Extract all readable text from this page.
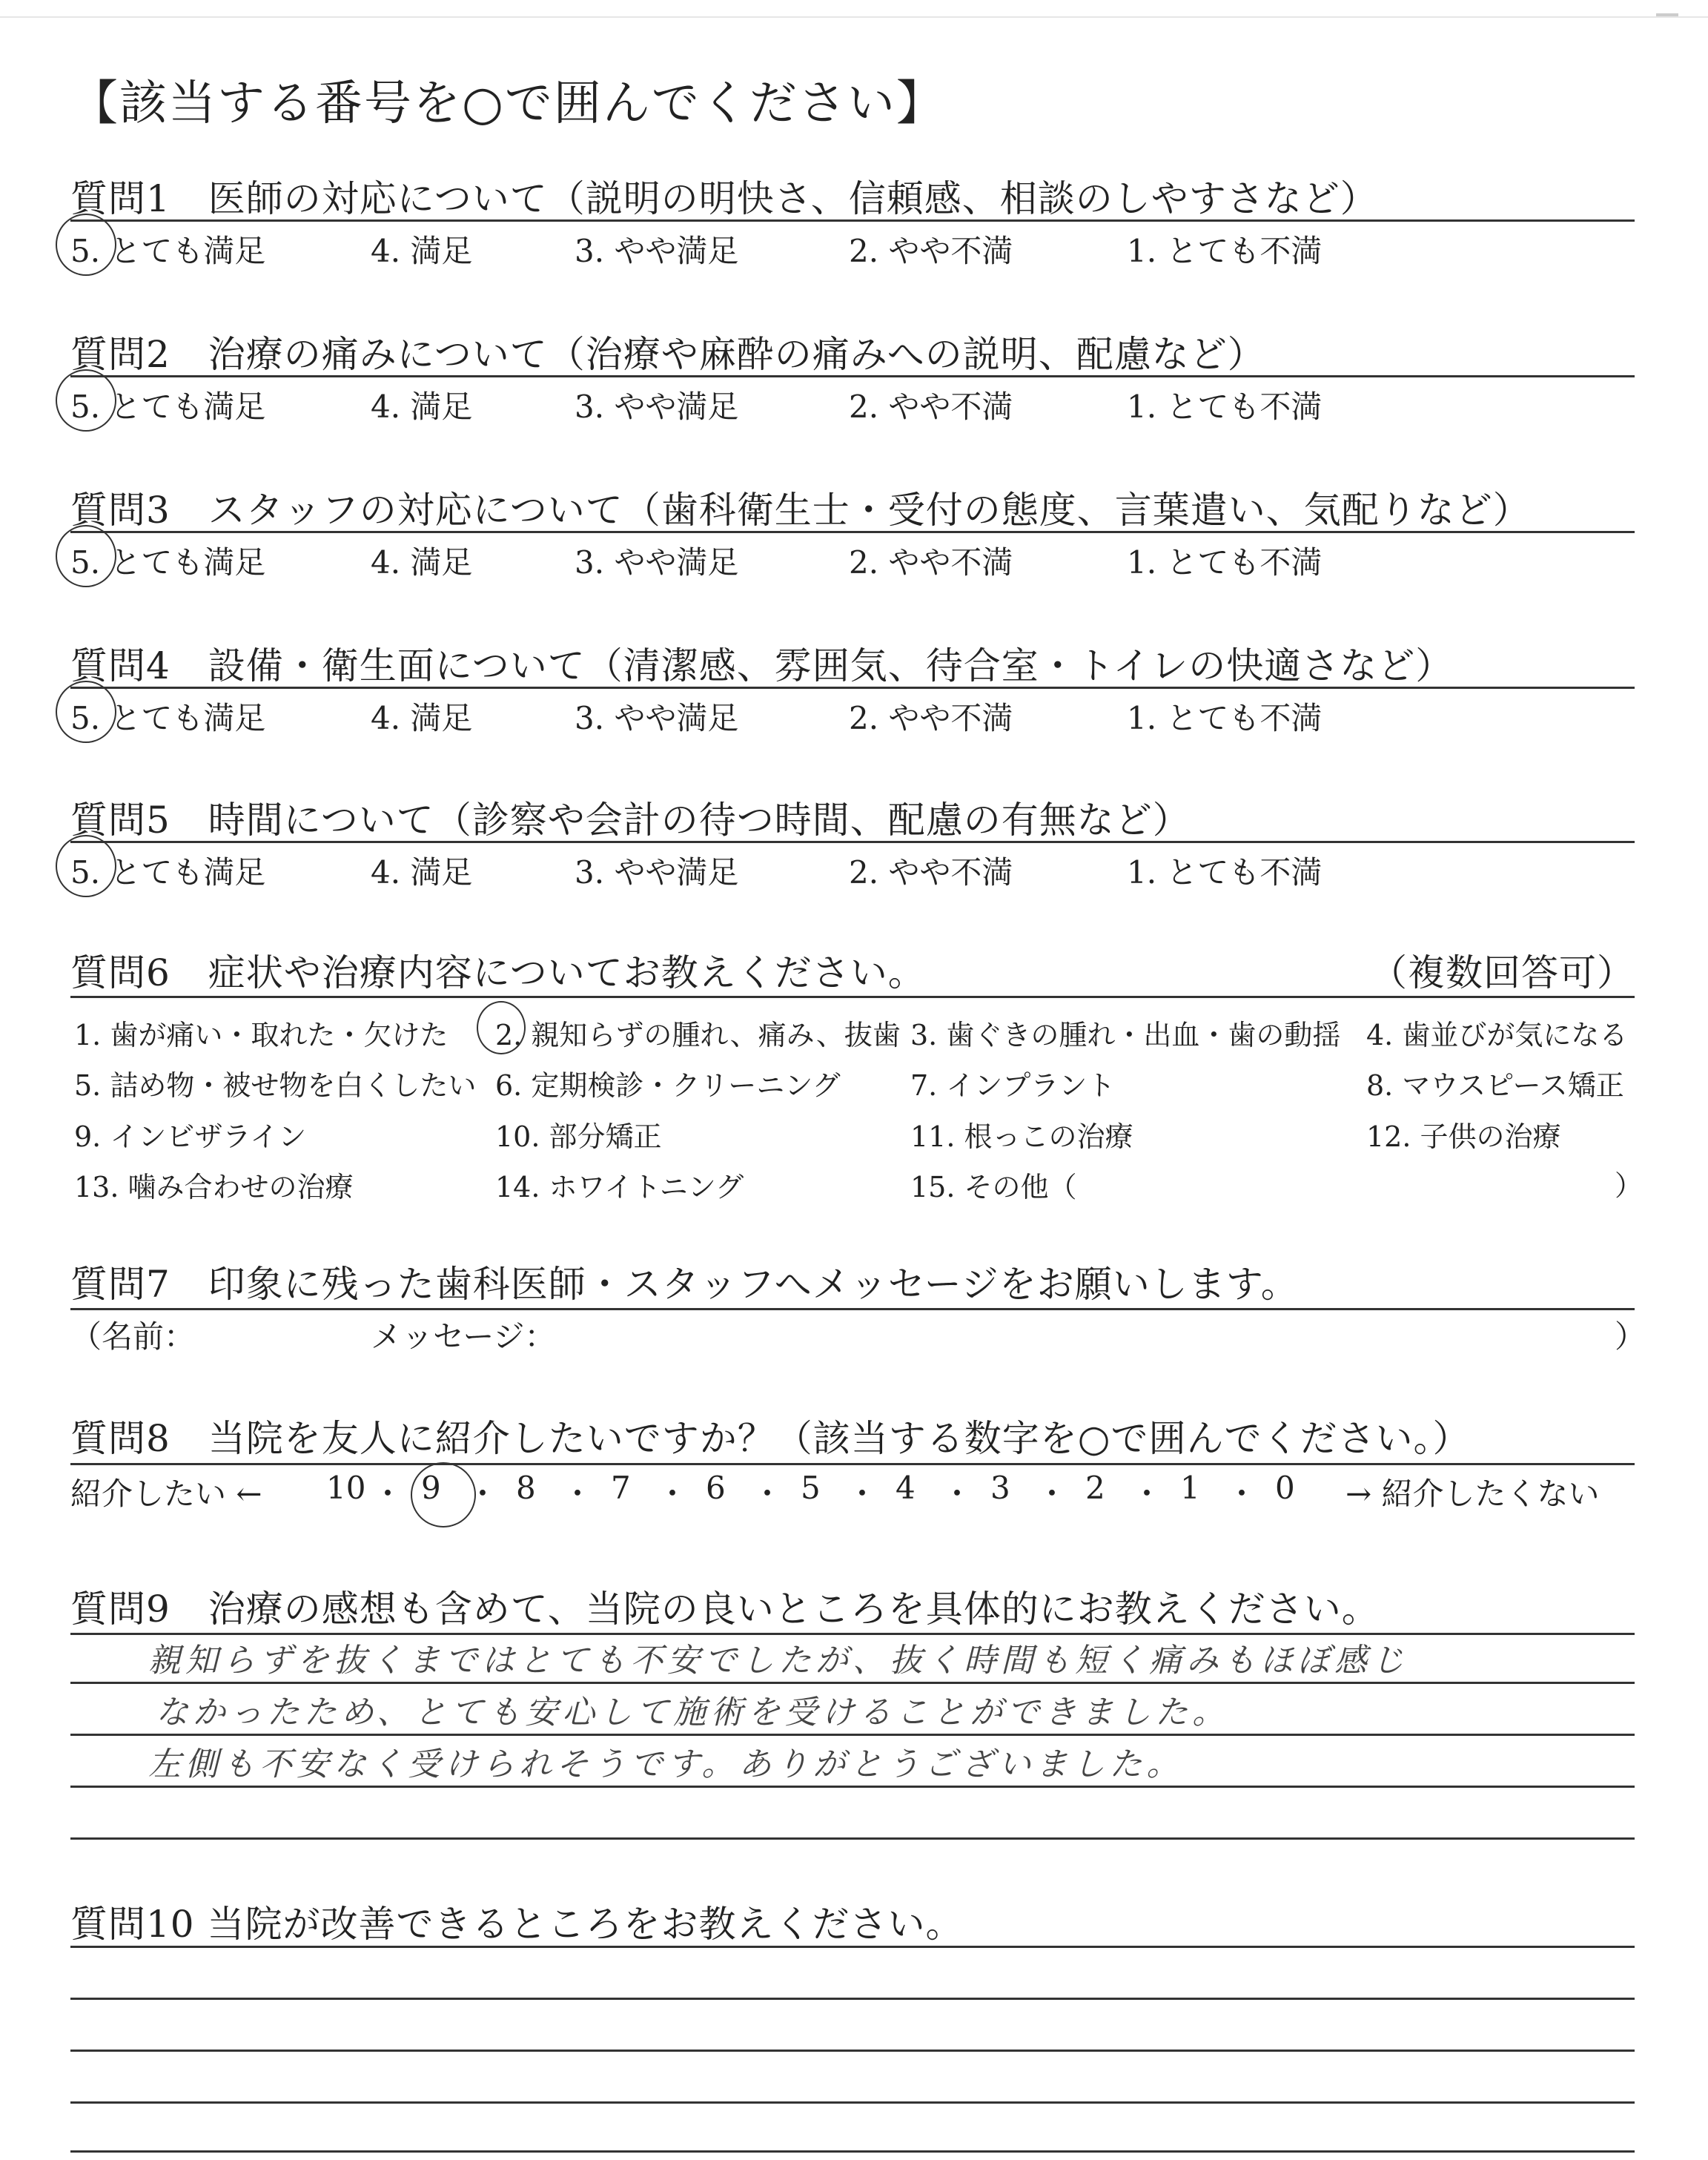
【該当する番号を○で囲んでください】
質問1　医師の対応について（説明の明快さ、信頼感、相談のしやすさなど）
5. とても満足	4. 満足	3. やや満足	2. やや不満	1. とても不満
質問2　治療の痛みについて（治療や麻酔の痛みへの説明、配慮など）
5. とても満足	4. 満足	3. やや満足	2. やや不満	1. とても不満
質問3　スタッフの対応について（歯科衛生士・受付の態度、言葉遣い、気配りなど）
5. とても満足	4. 満足	3. やや満足	2. やや不満	1. とても不満
質問4　設備・衛生面について（清潔感、雰囲気、待合室・トイレの快適さなど）
5. とても満足	4. 満足	3. やや満足	2. やや不満	1. とても不満
質問5　時間について（診察や会計の待つ時間、配慮の有無など）
5. とても満足	4. 満足	3. やや満足	2. やや不満	1. とても不満
質問6　症状や治療内容についてお教えください。	（複数回答可）
1. 歯が痛い・取れた・欠けた 2. 親知らずの腫れ、痛み、抜歯 3. 歯ぐきの腫れ・出血・歯の動揺 4. 歯並びが気になる
5. 詰め物・被せ物を白くしたい 6. 定期検診・クリーニング 7. インプラント	8. マウスピース矯正
9. インビザライン	10. 部分矯正	11. 根っこの治療	12. 子供の治療
13. 噛み合わせの治療	14. ホワイトニング	15. その他（	）
質問7　印象に残った歯科医師・スタッフへメッセージをお願いします。
（名前：	メッセージ：	）
質問8　当院を友人に紹介したいですか？（該当する数字を○で囲んでください。）
紹介したい ← 10 ・ 9 ・ 8 ・ 7 ・ 6 ・ 5 ・ 4 ・ 3 ・ 2 ・ 1 ・ 0 → 紹介したくない
質問9　治療の感想も含めて、当院の良いところを具体的にお教えください。
親知らずを抜くまではとても不安でしたが、抜く時間も短く痛みもほぼ感じ
なかったため、とても安心して施術を受けることができました。
左側も不安なく受けられそうです。ありがとうございました。
質問10 当院が改善できるところをお教えください。
